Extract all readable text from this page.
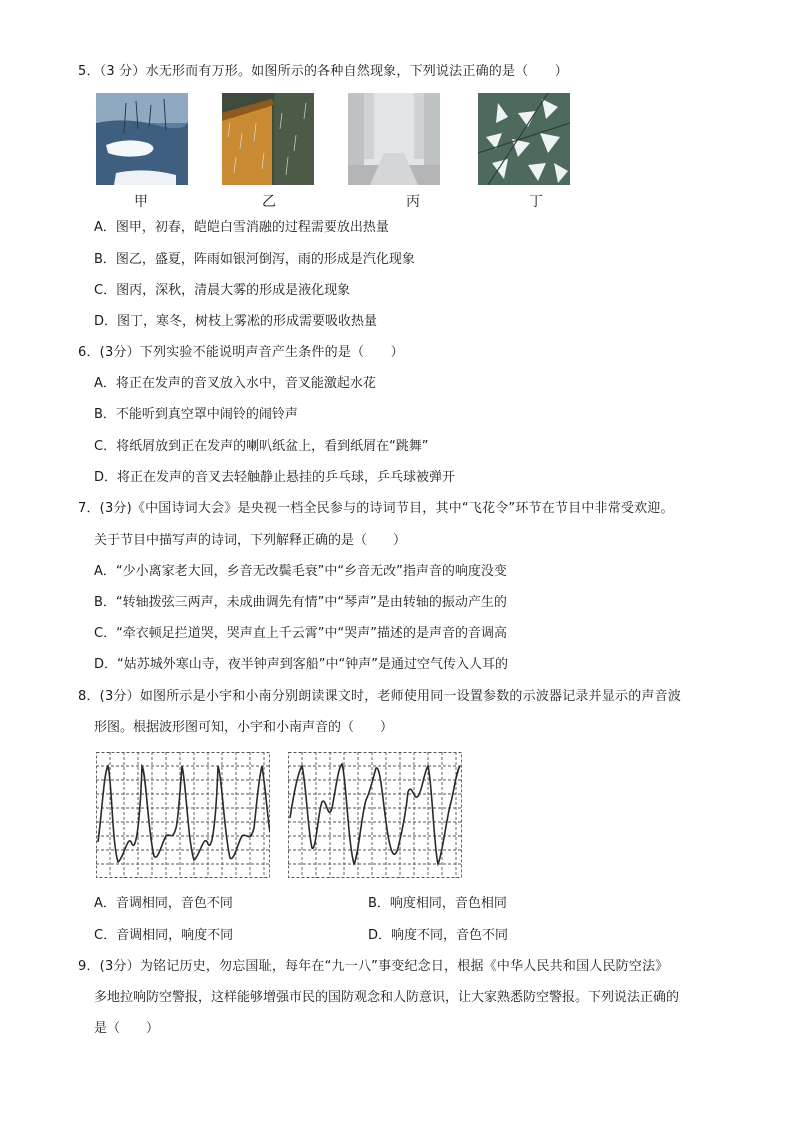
5．（3 分）水无形而有万形。如图所示的各种自然现象，下列说法正确的是（　　）
甲	乙	丙	丁
A．图甲，初春，皑皑白雪消融的过程需要放出热量
B．图乙，盛夏，阵雨如银河倒泻，雨的形成是汽化现象
C．图丙，深秋，清晨大雾的形成是液化现象
D．图丁，寒冬，树枝上雾凇的形成需要吸收热量
6．(3分）下列实验不能说明声音产生条件的是（　　）
A．将正在发声的音叉放入水中，音叉能激起水花
B．不能听到真空罩中闹铃的闹铃声
C．将纸屑放到正在发声的喇叭纸盆上，看到纸屑在“跳舞”
D．将正在发声的音叉去轻触静止悬挂的乒乓球，乒乓球被弹开
7．(3分)《中国诗词大会》是央视一档全民参与的诗词节目，其中“飞花令”环节在节目中非常受欢迎。
关于节目中描写声的诗词，下列解释正确的是（　　）
A．“少小离家老大回，乡音无改鬓毛衰”中“乡音无改”指声音的响度没变
B．“转轴拨弦三两声，未成曲调先有情”中“琴声”是由转轴的振动产生的
C．“牵衣顿足拦道哭，哭声直上千云霄”中“哭声”描述的是声音的音调高
D．“姑苏城外寒山寺，夜半钟声到客船”中“钟声”是通过空气传入人耳的
8．(3分）如图所示是小宇和小南分别朗读课文时，老师使用同一设置参数的示波器记录并显示的声音波
形图。根据波形图可知，小宇和小南声音的（　　）
A．音调相同，音色不同	B．响度相同，音色相同
C．音调相同，响度不同	D．响度不同，音色不同
9．(3分）为铭记历史，勿忘国耻，每年在“九一八”事变纪念日，根据《中华人民共和国人民防空法》
多地拉响防空警报，这样能够增强市民的国防观念和人防意识，让大家熟悉防空警报。下列说法正确的
是（　　）
